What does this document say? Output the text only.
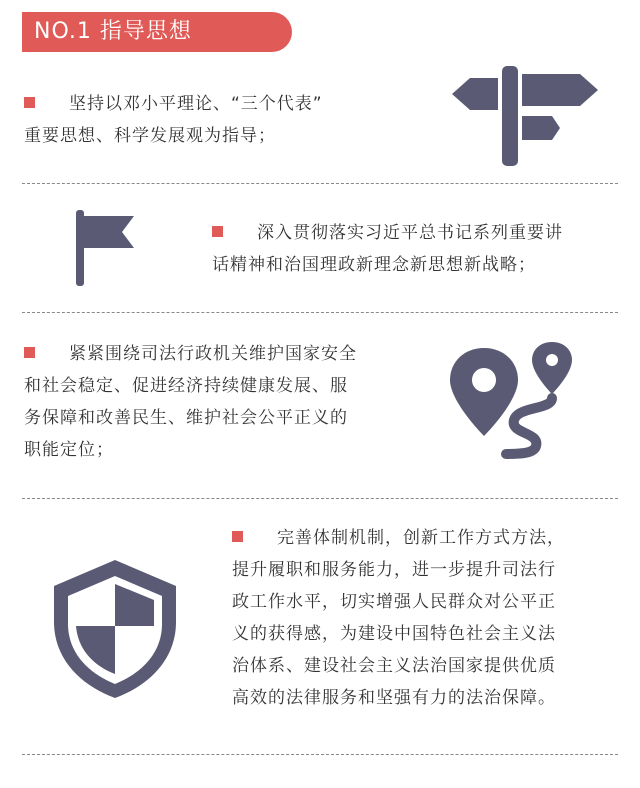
NO.1 指导思想
坚持以邓小平理论、“三个代表”
重要思想、科学发展观为指导；
深入贯彻落实习近平总书记系列重要讲
话精神和治国理政新理念新思想新战略；
紧紧围绕司法行政机关维护国家安全
和社会稳定、促进经济持续健康发展、服
务保障和改善民生、维护社会公平正义的
职能定位；
完善体制机制，创新工作方式方法，
提升履职和服务能力，进一步提升司法行
政工作水平，切实增强人民群众对公平正
义的获得感，为建设中国特色社会主义法
治体系、建设社会主义法治国家提供优质
高效的法律服务和坚强有力的法治保障。
